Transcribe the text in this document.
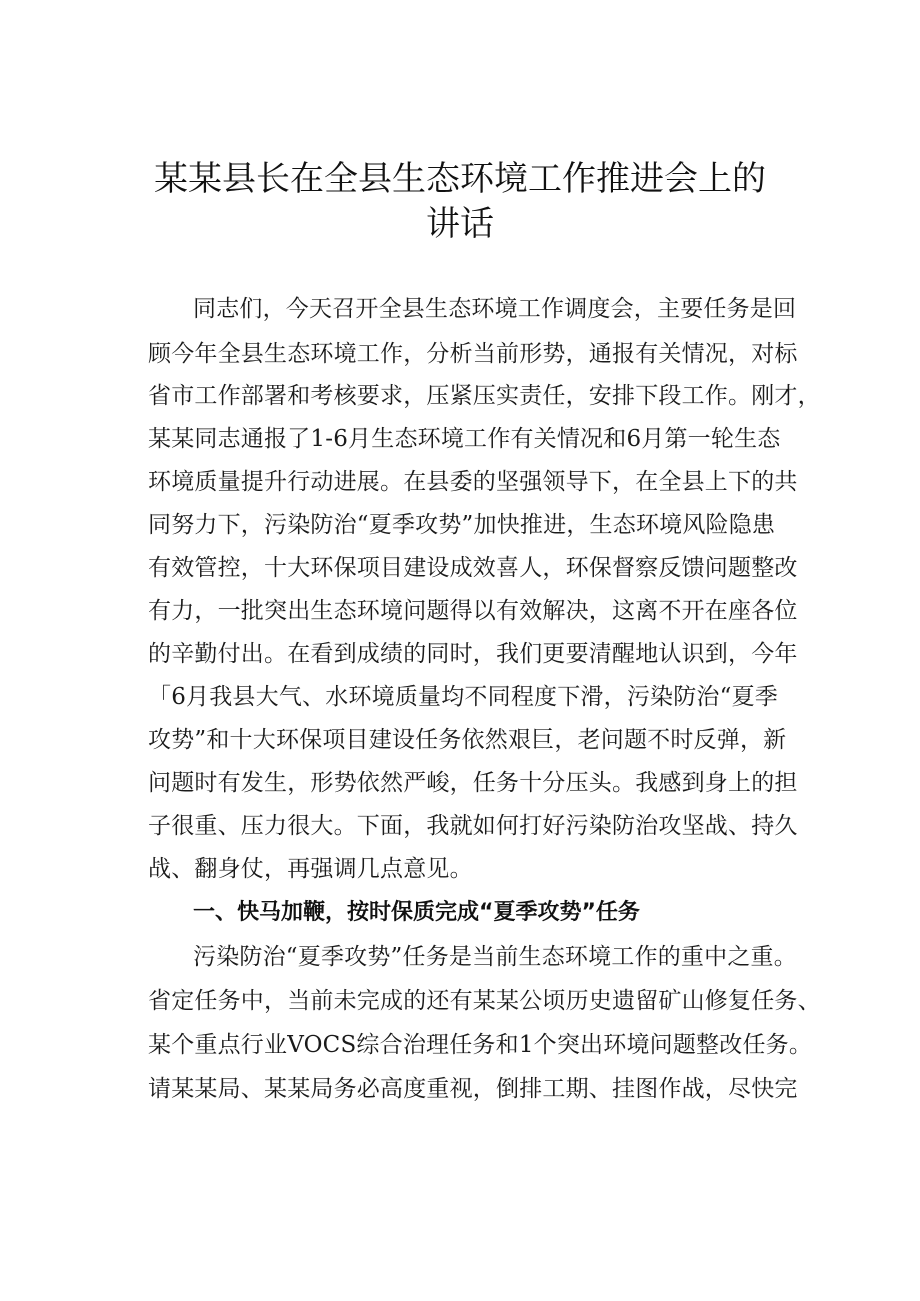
某某县长在全县生态环境工作推进会上的
讲话
同志们，今天召开全县生态环境工作调度会，主要任务是回
顾今年全县生态环境工作，分析当前形势，通报有关情况，对标
省市工作部署和考核要求，压紧压实责任，安排下段工作。刚才，
某某同志通报了1-6月生态环境工作有关情况和6月第一轮生态
环境质量提升行动进展。在县委的坚强领导下，在全县上下的共
同努力下，污染防治“夏季攻势”加快推进，生态环境风险隐患
有效管控，十大环保项目建设成效喜人，环保督察反馈问题整改
有力，一批突出生态环境问题得以有效解决，这离不开在座各位
的辛勤付出。在看到成绩的同时，我们更要清醒地认识到，今年
「6月我县大气、水环境质量均不同程度下滑，污染防治“夏季
攻势”和十大环保项目建设任务依然艰巨，老问题不时反弹，新
问题时有发生，形势依然严峻，任务十分压头。我感到身上的担
子很重、压力很大。下面，我就如何打好污染防治攻坚战、持久
战、翻身仗，再强调几点意见。
一、快马加鞭，按时保质完成“夏季攻势”任务
污染防治“夏季攻势”任务是当前生态环境工作的重中之重。
省定任务中，当前未完成的还有某某公顷历史遗留矿山修复任务、
某个重点行业VOCS综合治理任务和1个突出环境问题整改任务。
请某某局、某某局务必高度重视，倒排工期、挂图作战，尽快完
